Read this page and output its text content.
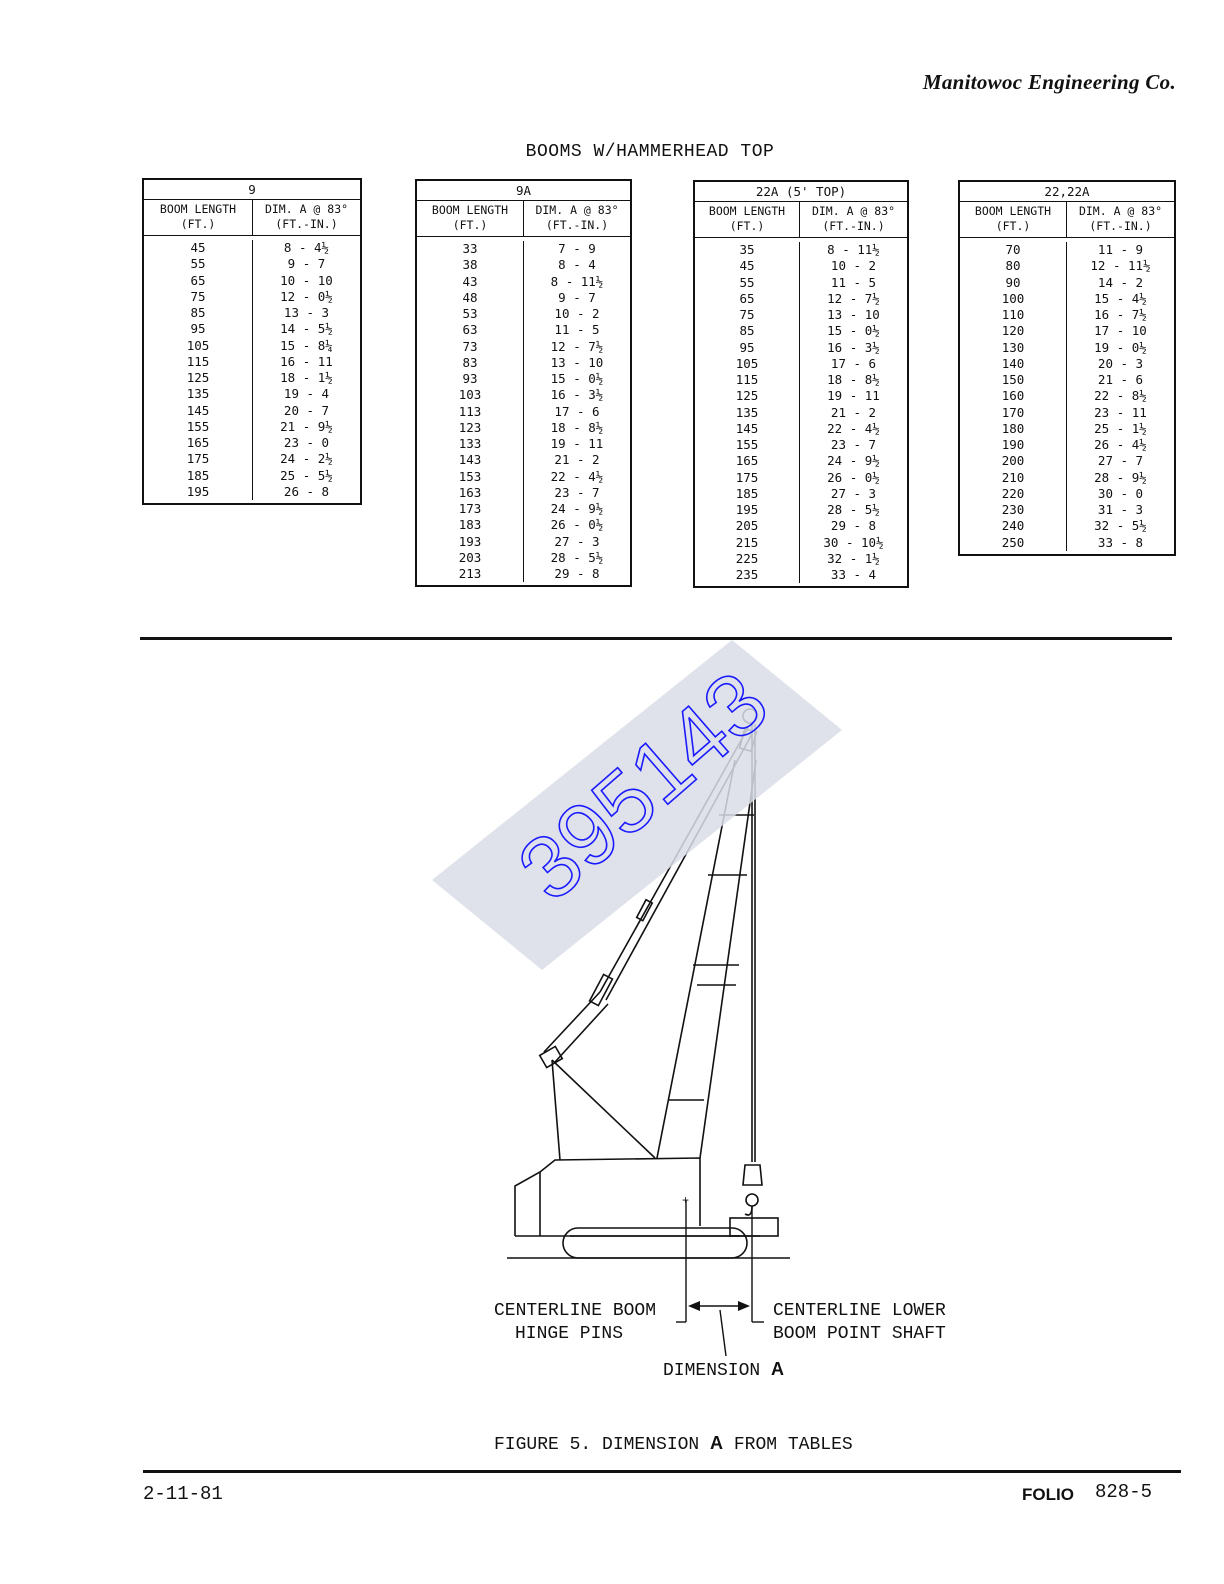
Manitowoc Engineering Co.
BOOMS W/HAMMERHEAD TOP
9
BOOM LENGTH
(FT.)
DIM. A @ 83°
(FT.-IN.)
45
55
65
75
85
95
105
115
125
135
145
155
165
175
185
195
8 - 4½
9 - 7
10 - 10
12 - 0½
13 - 3
14 - 5½
15 - 8¼
16 - 11
18 - 1½
19 - 4
20 - 7
21 - 9½
23 - 0
24 - 2½
25 - 5½
26 - 8
9A
BOOM LENGTH
(FT.)
DIM. A @ 83°
(FT.-IN.)
33
38
43
48
53
63
73
83
93
103
113
123
133
143
153
163
173
183
193
203
213
7 - 9
8 - 4
8 - 11½
9 - 7
10 - 2
11 - 5
12 - 7½
13 - 10
15 - 0½
16 - 3½
17 - 6
18 - 8½
19 - 11
21 - 2
22 - 4½
23 - 7
24 - 9½
26 - 0½
27 - 3
28 - 5½
29 - 8
22A (5' TOP)
BOOM LENGTH
(FT.)
DIM. A @ 83°
(FT.-IN.)
35
45
55
65
75
85
95
105
115
125
135
145
155
165
175
185
195
205
215
225
235
8 - 11½
10 - 2
11 - 5
12 - 7½
13 - 10
15 - 0½
16 - 3½
17 - 6
18 - 8½
19 - 11
21 - 2
22 - 4½
23 - 7
24 - 9½
26 - 0½
27 - 3
28 - 5½
29 - 8
30 - 10½
32 - 1½
33 - 4
22,22A
BOOM LENGTH
(FT.)
DIM. A @ 83°
(FT.-IN.)
70
80
90
100
110
120
130
140
150
160
170
180
190
200
210
220
230
240
250
11 - 9
12 - 11½
14 - 2
15 - 4½
16 - 7½
17 - 10
19 - 0½
20 - 3
21 - 6
22 - 8½
23 - 11
25 - 1½
26 - 4½
27 - 7
28 - 9½
30 - 0
31 - 3
32 - 5½
33 - 8
+
395143
CENTERLINE BOOM
HINGE PINS
CENTERLINE LOWER
BOOM POINT SHAFT
DIMENSION A
FIGURE 5. DIMENSION A FROM TABLES
2-11-81	FOLIO 828-5
